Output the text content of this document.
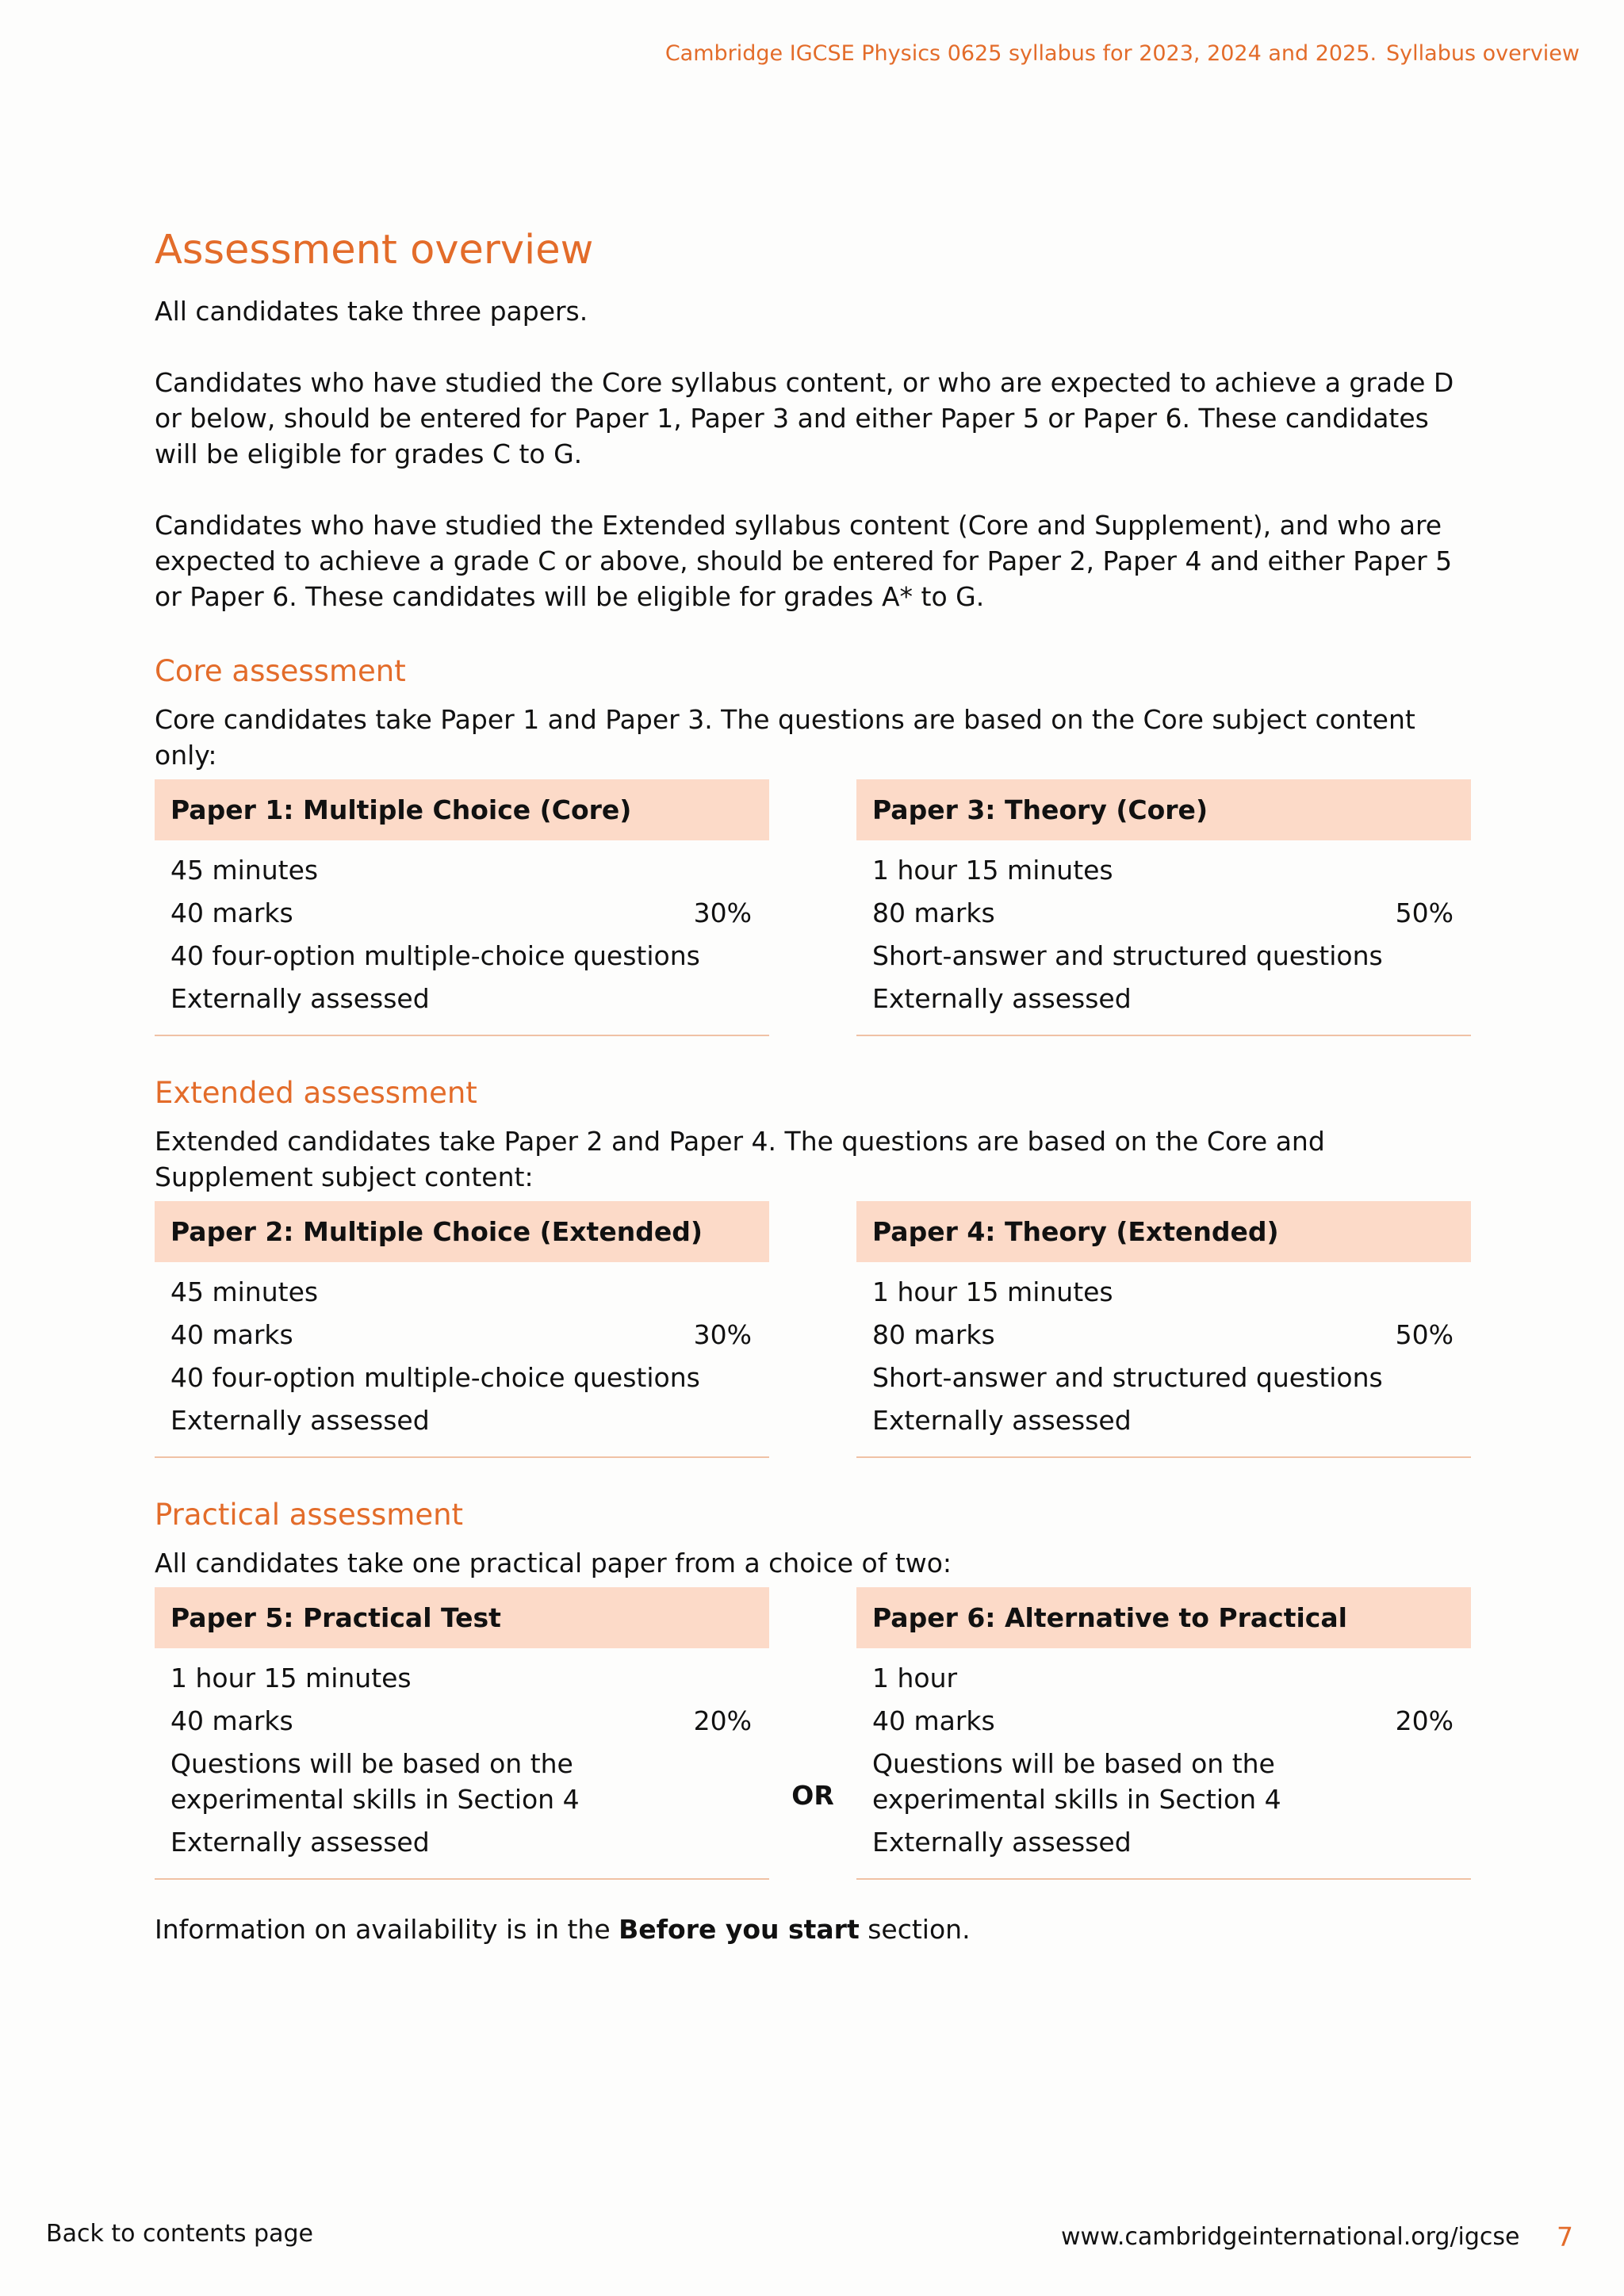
Cambridge IGCSE Physics 0625 syllabus for 2023, 2024 and 2025. Syllabus overview
Assessment overview

All candidates take three papers.

Candidates who have studied the Core syllabus content, or who are expected to achieve a grade D or below, should be entered for Paper 1, Paper 3 and either Paper 5 or Paper 6. These candidates will be eligible for grades C to G.

Candidates who have studied the Extended syllabus content (Core and Supplement), and who are expected to achieve a grade C or above, should be entered for Paper 2, Paper 4 and either Paper 5 or Paper 6. These candidates will be eligible for grades A* to G.

Core assessment

Core candidates take Paper 1 and Paper 3. The questions are based on the Core subject content only:

Paper 1: Multiple Choice (Core)
45 minutes
40 marks	30%
40 four-option multiple-choice questions
Externally assessed
Paper 3: Theory (Core)
1 hour 15 minutes
80 marks	50%
Short-answer and structured questions
Externally assessed
Extended assessment

Extended candidates take Paper 2 and Paper 4. The questions are based on the Core and Supplement subject content:

Paper 2: Multiple Choice (Extended)
45 minutes
40 marks	30%
40 four-option multiple-choice questions
Externally assessed
Paper 4: Theory (Extended)
1 hour 15 minutes
80 marks	50%
Short-answer and structured questions
Externally assessed
Practical assessment

All candidates take one practical paper from a choice of two:

Paper 5: Practical Test
1 hour 15 minutes
40 marks	20%
Questions will be based on the experimental skills in Section 4
Externally assessed
OR
Paper 6: Alternative to Practical
1 hour
40 marks	20%
Questions will be based on the experimental skills in Section 4
Externally assessed

Information on availability is in the Before you start section.

Back to contents page	www.cambridgeinternational.org/igcse 7
